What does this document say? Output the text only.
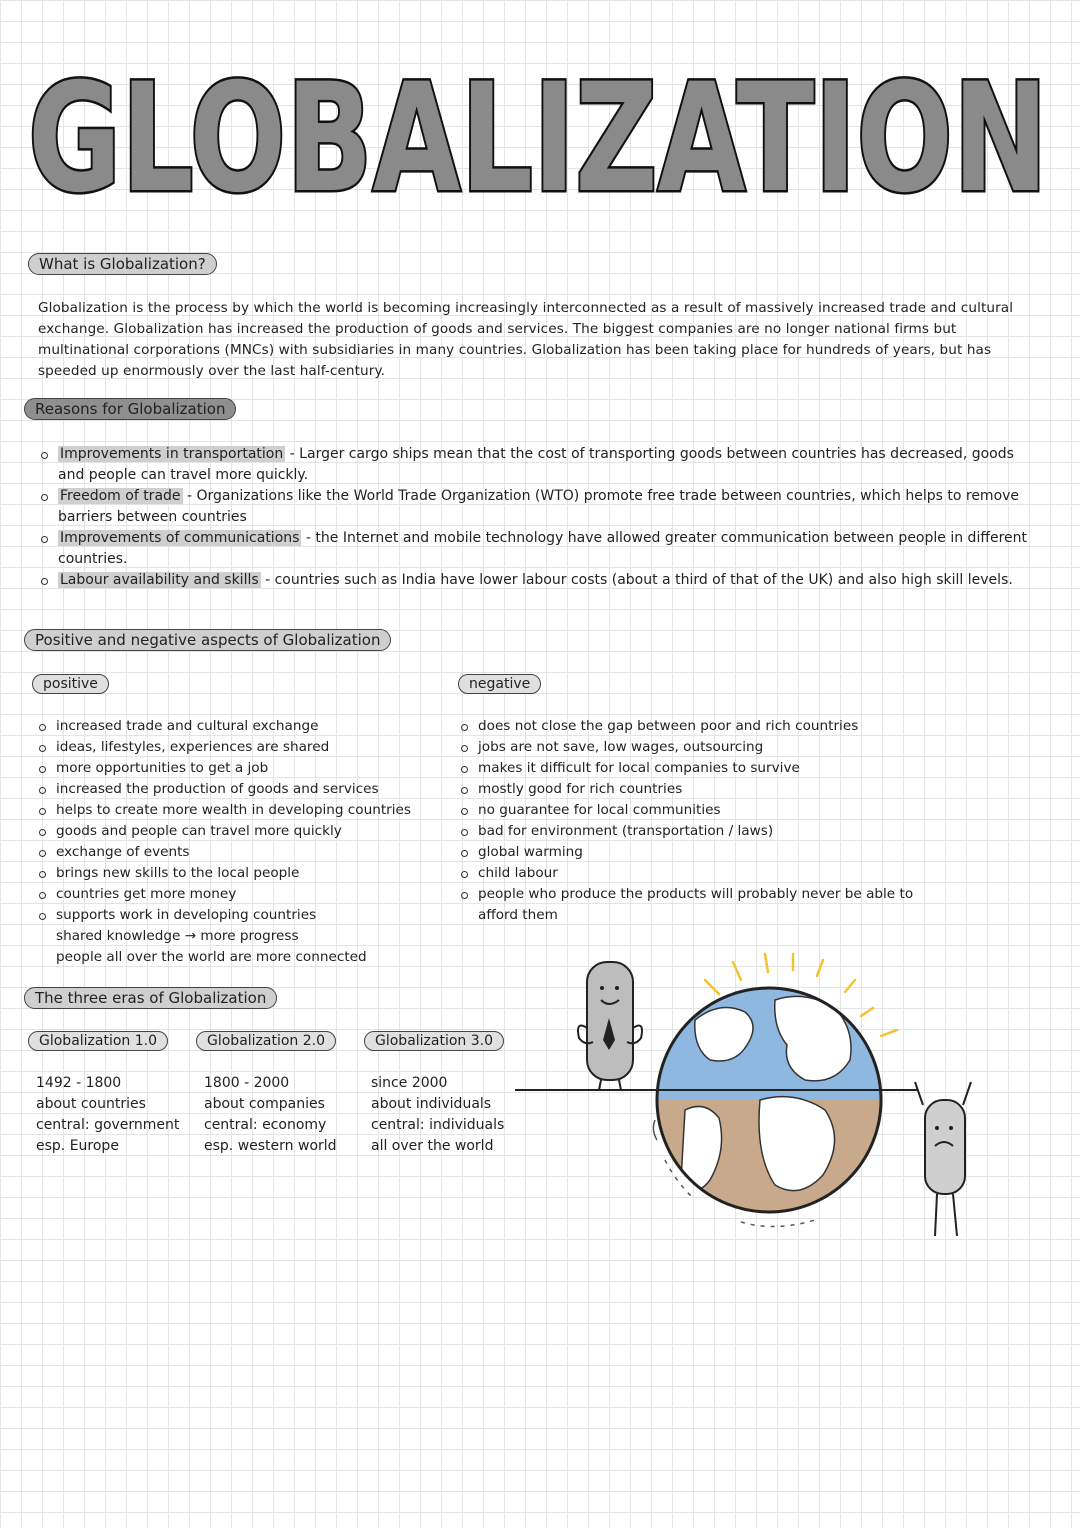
GLOBALIZATION
What is Globalization?
Globalization is the process by which the world is becoming increasingly interconnected as a result of massively increased trade and cultural exchange. Globalization has increased the production of goods and services. The biggest companies are no longer national firms but multinational corporations (MNCs) with subsidiaries in many countries. Globalization has been taking place for hundreds of years, but has speeded up enormously over the last half-century.
Reasons for Globalization
Improvements in transportation - Larger cargo ships mean that the cost of transporting goods between countries has decreased, goods and people can travel more quickly.
Freedom of trade - Organizations like the World Trade Organization (WTO) promote free trade between countries, which helps to remove barriers between countries
Improvements of communications - the Internet and mobile technology have allowed greater communication between people in different countries.
Labour availability and skills - countries such as India have lower labour costs (about a third of that of the UK) and also high skill levels.
Positive and negative aspects of Globalization
positive	negative
increased trade and cultural exchange
ideas, lifestyles, experiences are shared
more opportunities to get a job
increased the production of goods and services
helps to create more wealth in developing countries
goods and people can travel more quickly
exchange of events
brings new skills to the local people
countries get more money
supports work in developing countries
shared knowledge → more progress
people all over the world are more connected
does not close the gap between poor and rich countries
jobs are not save, low wages, outsourcing
makes it difficult for local companies to survive
mostly good for rich countries
no guarantee for local communities
bad for environment (transportation / laws)
global warming
child labour
people who produce the products will probably never be able to afford them
The three eras of Globalization
Globalization 1.0
1492 - 1800
about countries
central: government
esp. Europe
Globalization 2.0
1800 - 2000
about companies
central: economy
esp. western world
Globalization 3.0
since 2000
about individuals
central: individuals
all over the world
